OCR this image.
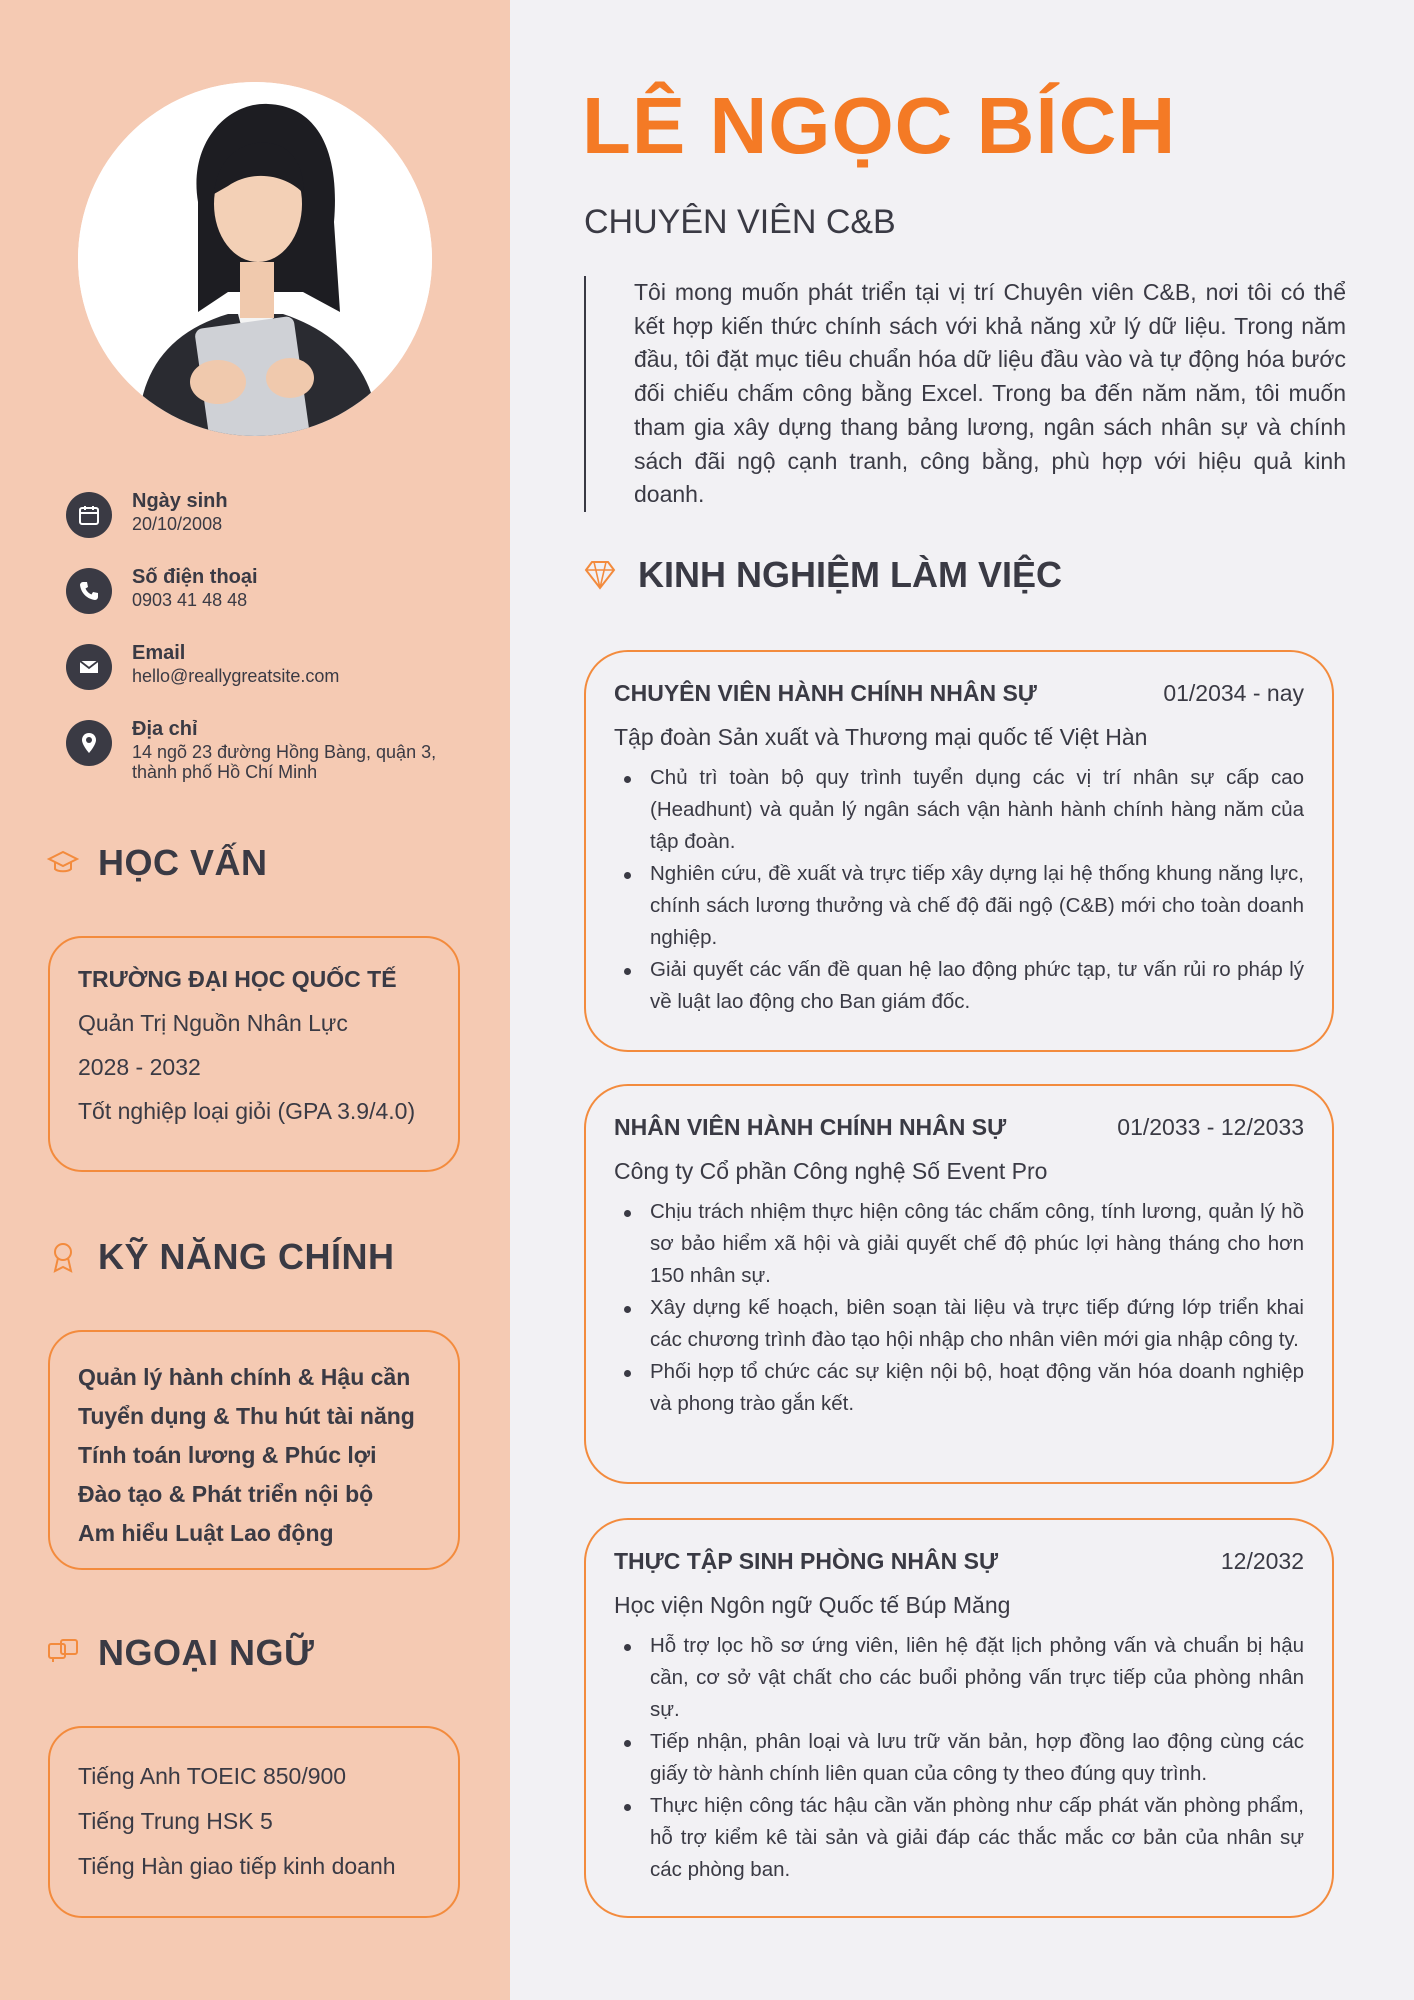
Ngày sinh
20/10/2008
Số điện thoại
0903 41 48 48
Email
hello@reallygreatsite.com
Địa chỉ
14 ngõ 23 đường Hồng Bàng, quận 3,
thành phố Hồ Chí Minh
HỌC VẤN
TRƯỜNG ĐẠI HỌC QUỐC TẾ
Quản Trị Nguồn Nhân Lực
2028 - 2032
Tốt nghiệp loại giỏi (GPA 3.9/4.0)
KỸ NĂNG CHÍNH
Quản lý hành chính & Hậu cần
Tuyển dụng & Thu hút tài năng
Tính toán lương & Phúc lợi
Đào tạo & Phát triển nội bộ
Am hiểu Luật Lao động
NGOẠI NGỮ
Tiếng Anh TOEIC 850/900
Tiếng Trung HSK 5
Tiếng Hàn giao tiếp kinh doanh
LÊ NGỌC BÍCH
CHUYÊN VIÊN C&B
Tôi mong muốn phát triển tại vị trí Chuyên viên C&B, nơi tôi có thể kết hợp kiến thức chính sách với khả năng xử lý dữ liệu. Trong năm đầu, tôi đặt mục tiêu chuẩn hóa dữ liệu đầu vào và tự động hóa bước đối chiếu chấm công bằng Excel. Trong ba đến năm năm, tôi muốn tham gia xây dựng thang bảng lương, ngân sách nhân sự và chính sách đãi ngộ cạnh tranh, công bằng, phù hợp với hiệu quả kinh doanh.
KINH NGHIỆM LÀM VIỆC
CHUYÊN VIÊN HÀNH CHÍNH NHÂN SỰ	01/2034 - nay
Tập đoàn Sản xuất và Thương mại quốc tế Việt Hàn
Chủ trì toàn bộ quy trình tuyển dụng các vị trí nhân sự cấp cao (Headhunt) và quản lý ngân sách vận hành hành chính hàng năm của tập đoàn.
Nghiên cứu, đề xuất và trực tiếp xây dựng lại hệ thống khung năng lực, chính sách lương thưởng và chế độ đãi ngộ (C&B) mới cho toàn doanh nghiệp.
Giải quyết các vấn đề quan hệ lao động phức tạp, tư vấn rủi ro pháp lý về luật lao động cho Ban giám đốc.
NHÂN VIÊN HÀNH CHÍNH NHÂN SỰ	01/2033 - 12/2033
Công ty Cổ phần Công nghệ Số Event Pro
Chịu trách nhiệm thực hiện công tác chấm công, tính lương, quản lý hồ sơ bảo hiểm xã hội và giải quyết chế độ phúc lợi hàng tháng cho hơn 150 nhân sự.
Xây dựng kế hoạch, biên soạn tài liệu và trực tiếp đứng lớp triển khai các chương trình đào tạo hội nhập cho nhân viên mới gia nhập công ty.
Phối hợp tổ chức các sự kiện nội bộ, hoạt động văn hóa doanh nghiệp và phong trào gắn kết.
THỰC TẬP SINH PHÒNG NHÂN SỰ	12/2032
Học viện Ngôn ngữ Quốc tế Búp Măng
Hỗ trợ lọc hồ sơ ứng viên, liên hệ đặt lịch phỏng vấn và chuẩn bị hậu cần, cơ sở vật chất cho các buổi phỏng vấn trực tiếp của phòng nhân sự.
Tiếp nhận, phân loại và lưu trữ văn bản, hợp đồng lao động cùng các giấy tờ hành chính liên quan của công ty theo đúng quy trình.
Thực hiện công tác hậu cần văn phòng như cấp phát văn phòng phẩm, hỗ trợ kiểm kê tài sản và giải đáp các thắc mắc cơ bản của nhân sự các phòng ban.
